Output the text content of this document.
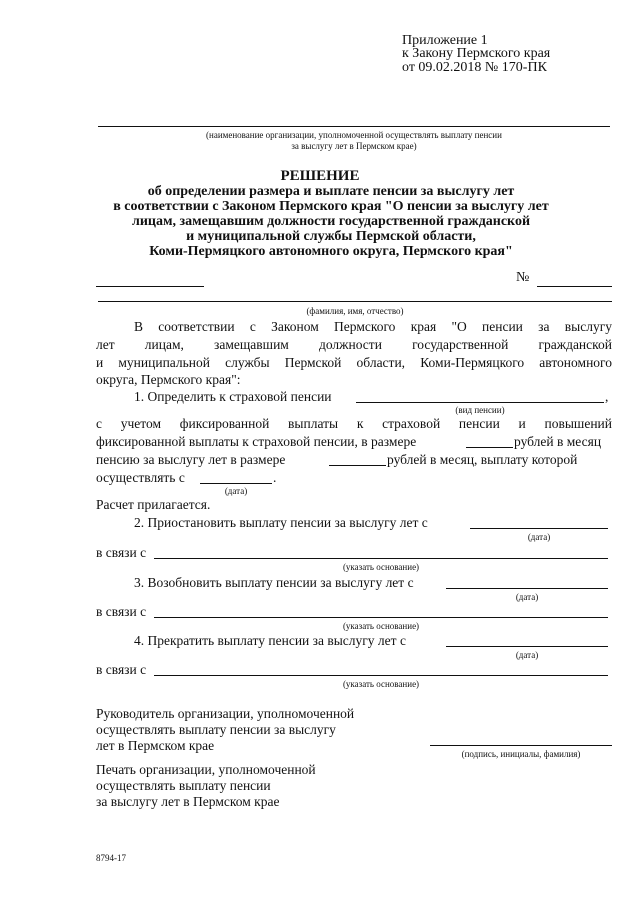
Приложение 1
к Закону Пермского края
от 09.02.2018 № 170-ПК
(наименование организации, уполномоченной осуществлять выплату пенсии
за выслугу лет в Пермском крае)
РЕШЕНИЕ
об определении размера и выплате пенсии за выслугу лет
в соответствии с Законом Пермского края "О пенсии за выслугу лет
лицам, замещавшим должности государственной гражданской
и муниципальной службы Пермской области,
Коми-Пермяцкого автономного округа, Пермского края"
№
(фамилия, имя, отчество)
В соответствии с Законом Пермского края "О пенсии за выслугу
лет лицам, замещавшим должности государственной гражданской
и муниципальной службы Пермской области, Коми-Пермяцкого автономного
округа, Пермского края":
1. Определить к страховой пенсии	,
(вид пенсии)
с учетом фиксированной выплаты к страховой пенсии и повышений
фиксированной выплаты к страховой пенсии, в размере	рублей в месяц
пенсию за выслугу лет в размере	рублей в месяц, выплату которой
осуществлять с	.
(дата)
Расчет прилагается.
2. Приостановить выплату пенсии за выслугу лет с
(дата)
в связи с
(указать основание)
3. Возобновить выплату пенсии за выслугу лет с
(дата)
в связи с
(указать основание)
4. Прекратить выплату пенсии за выслугу лет с
(дата)
в связи с
(указать основание)
Руководитель организации, уполномоченной
осуществлять выплату пенсии за выслугу
лет в Пермском крае
(подпись, инициалы, фамилия)
Печать организации, уполномоченной
осуществлять выплату пенсии
за выслугу лет в Пермском крае
8794-17
